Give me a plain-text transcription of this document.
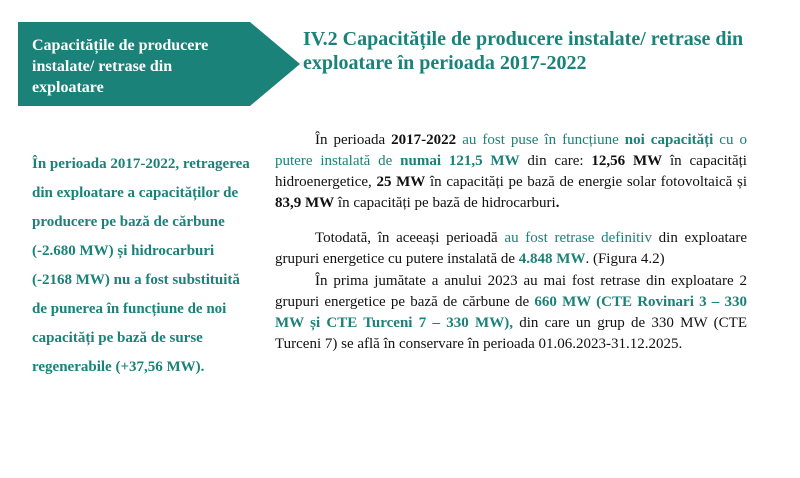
Capacitățile de producere instalate/ retrase din exploatare
IV.2 Capacitățile de producere instalate/ retrase din exploatare în perioada 2017-2022
În perioada 2017-2022, retragerea din exploatare a capacităților de producere pe bază de cărbune (-2.680 MW) și hidrocarburi (-2168 MW) nu a fost substituită de punerea în funcțiune de noi capacități pe bază de surse regenerabile (+37,56 MW).

În perioada 2017-2022 au fost puse în funcțiune noi capacități cu o putere instalată de numai 121,5 MW din care: 12,56 MW în capacități hidroenergetice, 25 MW în capacități pe bază de energie solar fotovoltaică și 83,9 MW în capacități pe bază de hidrocarburi.

Totodată, în aceeași perioadă au fost retrase definitiv din exploatare grupuri energetice cu putere instalată de 4.848 MW. (Figura 4.2)

În prima jumătate a anului 2023 au mai fost retrase din exploatare 2 grupuri energetice pe bază de cărbune de 660 MW (CTE Rovinari 3 – 330 MW și CTE Turceni 7 – 330 MW), din care un grup de 330 MW (CTE Turceni 7) se află în conservare în perioada 01.06.2023-31.12.2025.
